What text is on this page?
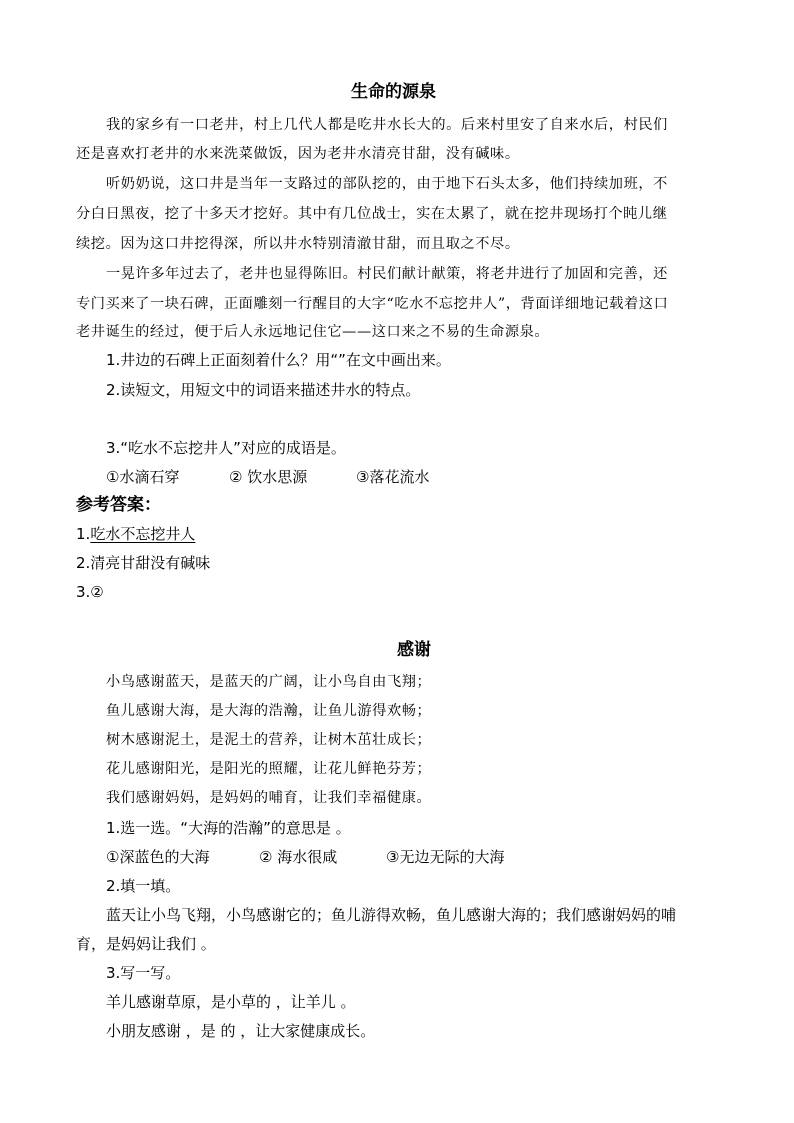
生命的源泉
我的家乡有一口老井，村上几代人都是吃井水长大的。后来村里安了自来水后，村民们
还是喜欢打老井的水来洗菜做饭，因为老井水清亮甘甜，没有碱味。
听奶奶说，这口井是当年一支路过的部队挖的，由于地下石头太多，他们持续加班，不
分白日黑夜，挖了十多天才挖好。其中有几位战士，实在太累了，就在挖井现场打个盹儿继
续挖。因为这口井挖得深，所以井水特别清澈甘甜，而且取之不尽。
一晃许多年过去了，老井也显得陈旧。村民们献计献策，将老井进行了加固和完善，还
专门买来了一块石碑，正面雕刻一行醒目的大字“吃水不忘挖井人”，背面详细地记载着这口
老井诞生的经过，便于后人永远地记住它——这口来之不易的生命源泉。
1.井边的石碑上正面刻着什么？用“”在文中画出来。
2.读短文，用短文中的词语来描述井水的特点。
3.“吃水不忘挖井人”对应的成语是。
①水滴石穿	② 饮水思源	③落花流水
参考答案：
1.吃水不忘挖井人
2.清亮甘甜没有碱味
3.②
感谢
小鸟感谢蓝天，是蓝天的广阔，让小鸟自由飞翔；
鱼儿感谢大海，是大海的浩瀚，让鱼儿游得欢畅；
树木感谢泥土，是泥土的营养，让树木茁壮成长；
花儿感谢阳光，是阳光的照耀，让花儿鲜艳芬芳；
我们感谢妈妈，是妈妈的哺育，让我们幸福健康。
1.选一选。“大海的浩瀚”的意思是 。
①深蓝色的大海	② 海水很咸	③无边无际的大海
2.填一填。
蓝天让小鸟飞翔，小鸟感谢它的；鱼儿游得欢畅，鱼儿感谢大海的；我们感谢妈妈的哺
育，是妈妈让我们 。
3.写一写。
羊儿感谢草原，是小草的 ，让羊儿 。
小朋友感谢 ，是 的 ，让大家健康成长。
